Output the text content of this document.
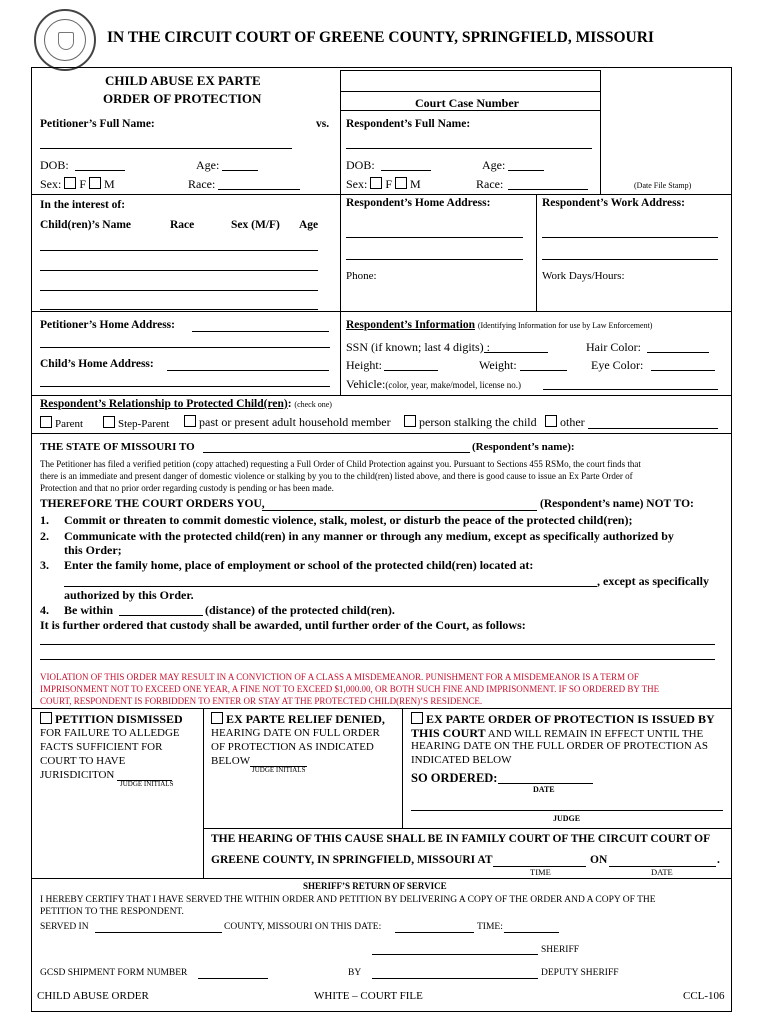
IN THE CIRCUIT COURT OF GREENE COUNTY, SPRINGFIELD, MISSOURI
CHILD ABUSE EX PARTE
ORDER OF PROTECTION	Court Case Number
(Date File Stamp)
Petitioner’s Full Name:	vs. Respondent’s Full Name:
DOB:	Age:
Sex: F M	Race:
DOB:	Age:
Sex: F M	Race:
In the interest of:	Respondent’s Home Address:	Respondent’s Work Address:
Child(ren)’s Name	Race	Sex (M/F) Age
Phone:	Work Days/Hours:
Petitioner’s Home Address:
Child’s Home Address:
Respondent’s Information (Identifying Information for use by Law Enforcement)
SSN (if known; last 4 digits) :	Hair Color:
Height:	Weight:	Eye Color:
Vehicle:(color, year, make/model, license no.)
Respondent’s Relationship to Protected Child(ren): (check one)
Parent	Step-Parent	past or present adult household member	person stalking the child	other
THE STATE OF MISSOURI TO	(Respondent’s name):
The Petitioner has filed a verified petition (copy attached) requesting a Full Order of Child Protection against you. Pursuant to Sections 455 RSMo, the court finds that
there is an immediate and present danger of domestic violence or stalking by you to the child(ren) listed above, and there is good cause to issue an Ex Parte Order of
Protection and that no prior order regarding custody is pending or has been made.
THEREFORE THE COURT ORDERS YOU,	(Respondent’s name) NOT TO:
1. Commit or threaten to commit domestic violence, stalk, molest, or disturb the peace of the protected child(ren);
2. Communicate with the protected child(ren) in any manner or through any medium, except as specifically authorized by
this Order;
3. Enter the family home, place of employment or school of the protected child(ren) located at:
, except as specifically
authorized by this Order.
4. Be within	(distance) of the protected child(ren).
It is further ordered that custody shall be awarded, until further order of the Court, as follows:
VIOLATION OF THIS ORDER MAY RESULT IN A CONVICTION OF A CLASS A MISDEMEANOR. PUNISHMENT FOR A MISDEMEANOR IS A TERM OF
IMPRISONMENT NOT TO EXCEED ONE YEAR, A FINE NOT TO EXCEED $1,000.00, OR BOTH SUCH FINE AND IMPRISONMENT. IF SO ORDERED BY THE
COURT, RESPONDENT IS FORBIDDEN TO ENTER OR STAY AT THE PROTECTED CHILD(REN)’S RESIDENCE.
PETITION DISMISSED
FOR FAILURE TO ALLEDGE
FACTS SUFFICIENT FOR
COURT TO HAVE
JURISDICITON
JUDGE INITIALS
EX PARTE RELIEF DENIED,
HEARING DATE ON FULL ORDER
OF PROTECTION AS INDICATED
BELOW
JUDGE INITIALS
EX PARTE ORDER OF PROTECTION IS ISSUED BY
THIS COURT AND WILL REMAIN IN EFFECT UNTIL THE
HEARING DATE ON THE FULL ORDER OF PROTECTION AS
INDICATED BELOW
SO ORDERED:
DATE
JUDGE
THE HEARING OF THIS CAUSE SHALL BE IN FAMILY COURT OF THE CIRCUIT COURT OF
GREENE COUNTY, IN SPRINGFIELD, MISSOURI AT	ON	.
TIME	DATE
SHERIFF’S RETURN OF SERVICE
I HEREBY CERTIFY THAT I HAVE SERVED THE WITHIN ORDER AND PETITION BY DELIVERING A COPY OF THE ORDER AND A COPY OF THE
PETITION TO THE RESPONDENT.
SERVED IN	COUNTY, MISSOURI ON THIS DATE:	TIME:
SHERIFF
GCSD SHIPMENT FORM NUMBER	BY	DEPUTY SHERIFF
CHILD ABUSE ORDER	WHITE – COURT FILE	CCL-106
